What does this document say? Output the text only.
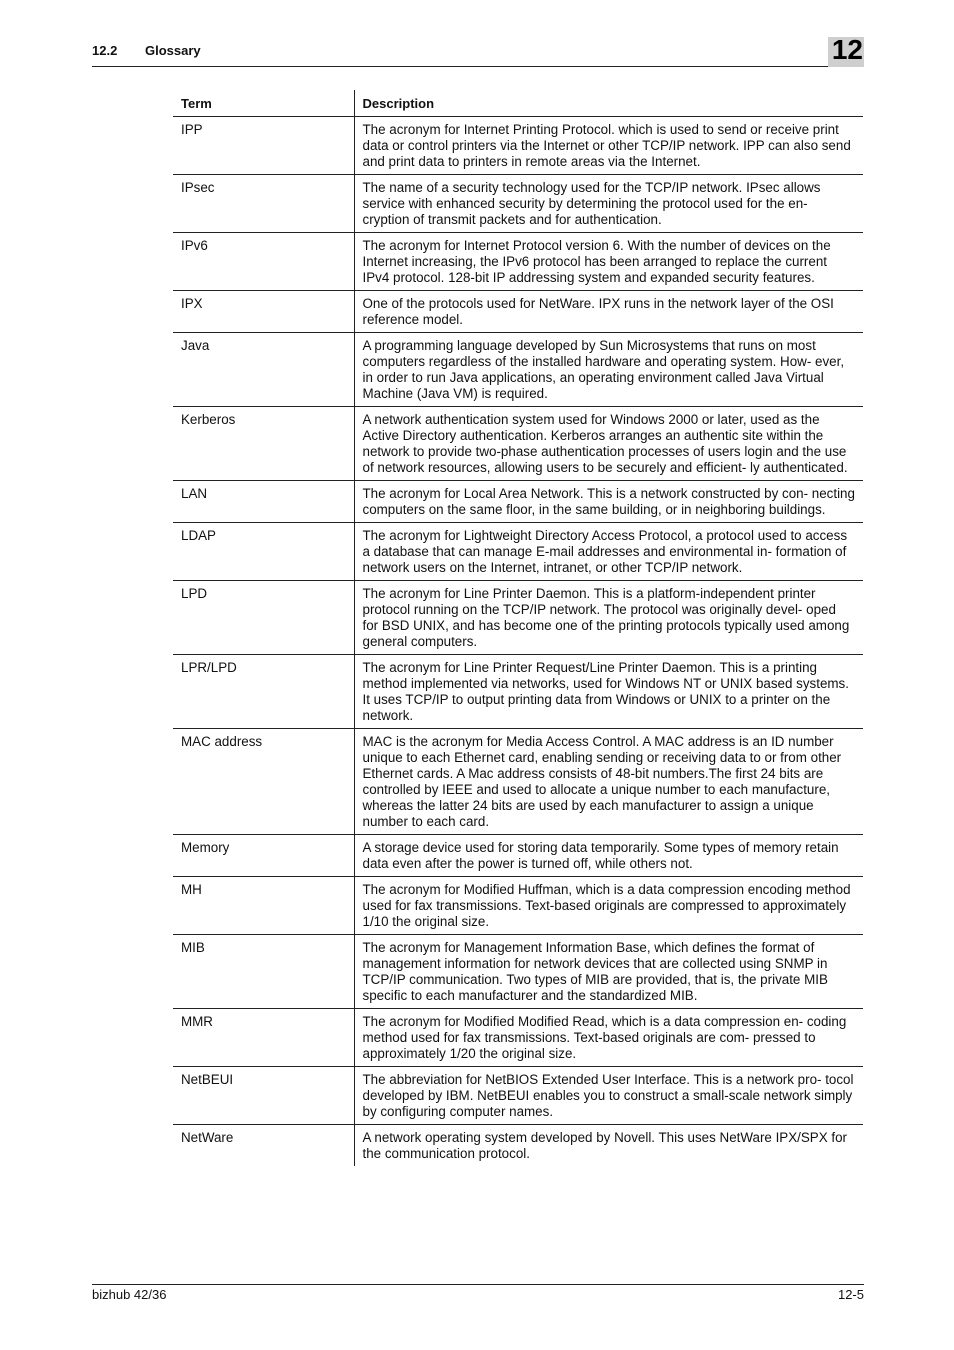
12.2 Glossary	12
Term	Description
IPP	The acronym for Internet Printing Protocol. which is used to send or receive print data or control printers via the Internet or other TCP/IP network. IPP can also send and print data to printers in remote areas via the Internet.
IPsec	The name of a security technology used for the TCP/IP network. IPsec allows service with enhanced security by determining the protocol used for the en- cryption of transmit packets and for authentication.
IPv6	The acronym for Internet Protocol version 6. With the number of devices on the Internet increasing, the IPv6 protocol has been arranged to replace the current IPv4 protocol. 128-bit IP addressing system and expanded security features.
IPX	One of the protocols used for NetWare. IPX runs in the network layer of the OSI reference model.
Java	A programming language developed by Sun Microsystems that runs on most computers regardless of the installed hardware and operating system. How- ever, in order to run Java applications, an operating environment called Java Virtual Machine (Java VM) is required.
Kerberos	A network authentication system used for Windows 2000 or later, used as the Active Directory authentication. Kerberos arranges an authentic site within the network to provide two-phase authentication processes of users login and the use of network resources, allowing users to be securely and efficient- ly authenticated.
LAN	The acronym for Local Area Network. This is a network constructed by con- necting computers on the same floor, in the same building, or in neighboring buildings.
LDAP	The acronym for Lightweight Directory Access Protocol, a protocol used to access a database that can manage E-mail addresses and environmental in- formation of network users on the Internet, intranet, or other TCP/IP network.
LPD	The acronym for Line Printer Daemon. This is a platform-independent printer protocol running on the TCP/IP network. The protocol was originally devel- oped for BSD UNIX, and has become one of the printing protocols typically used among general computers.
LPR/LPD	The acronym for Line Printer Request/Line Printer Daemon. This is a printing method implemented via networks, used for Windows NT or UNIX based systems. It uses TCP/IP to output printing data from Windows or UNIX to a printer on the network.
MAC address	MAC is the acronym for Media Access Control. A MAC address is an ID number unique to each Ethernet card, enabling sending or receiving data to or from other Ethernet cards. A Mac address consists of 48-bit numbers.The first 24 bits are controlled by IEEE and used to allocate a unique number to each manufacture, whereas the latter 24 bits are used by each manufacturer to assign a unique number to each card.
Memory	A storage device used for storing data temporarily. Some types of memory retain data even after the power is turned off, while others not.
MH	The acronym for Modified Huffman, which is a data compression encoding method used for fax transmissions. Text-based originals are compressed to approximately 1/10 the original size.
MIB	The acronym for Management Information Base, which defines the format of management information for network devices that are collected using SNMP in TCP/IP communication. Two types of MIB are provided, that is, the private MIB specific to each manufacturer and the standardized MIB.
MMR	The acronym for Modified Modified Read, which is a data compression en- coding method used for fax transmissions. Text-based originals are com- pressed to approximately 1/20 the original size.
NetBEUI	The abbreviation for NetBIOS Extended User Interface. This is a network pro- tocol developed by IBM. NetBEUI enables you to construct a small-scale network simply by configuring computer names.
NetWare	A network operating system developed by Novell. This uses NetWare IPX/SPX for the communication protocol.
bizhub 42/36	12-5
